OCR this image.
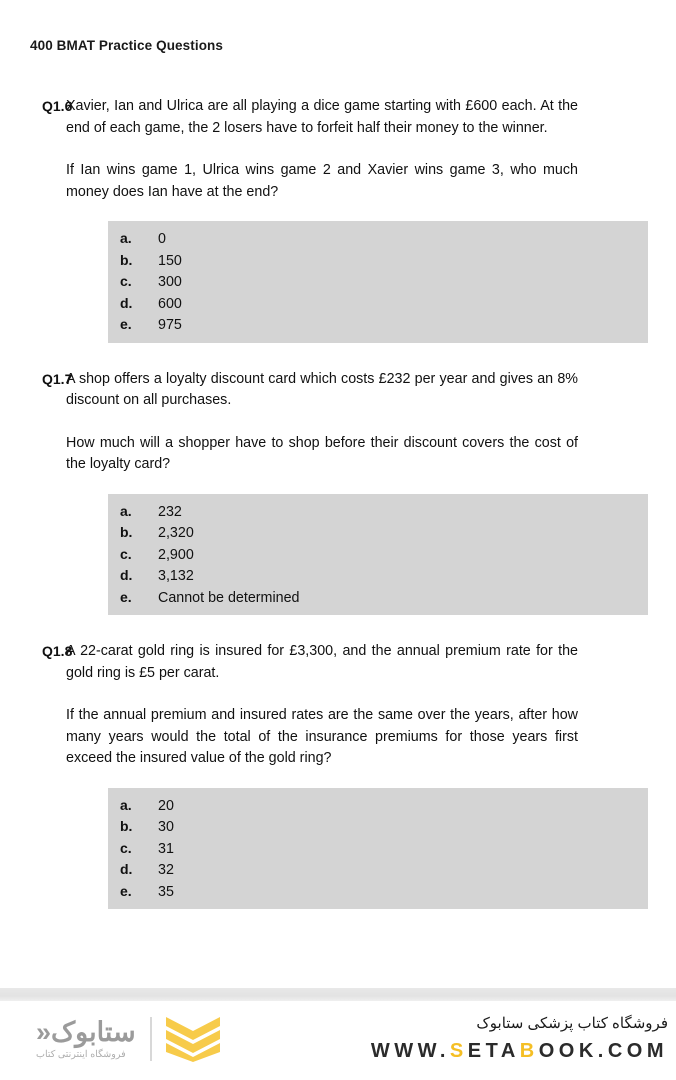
400 BMAT Practice Questions
Q1.6

Xavier, Ian and Ulrica are all playing a dice game starting with £600 each. At the end of each game, the 2 losers have to forfeit half their money to the winner.

If Ian wins game 1, Ulrica wins game 2 and Xavier wins game 3, who much money does Ian have at the end?

a.	0
b.	150
c.	300
d.	600
e.	975
Q1.7

A shop offers a loyalty discount card which costs £232 per year and gives an 8% discount on all purchases.

How much will a shopper have to shop before their discount covers the cost of the loyalty card?

a.	232
b.	2,320
c.	2,900
d.	3,132
e.	Cannot be determined
Q1.8

A 22-carat gold ring is insured for £3,300, and the annual premium rate for the gold ring is £5 per carat.

If the annual premium and insured rates are the same over the years, after how many years would the total of the insurance premiums for those years first exceed the insured value of the gold ring?

a.	20
b.	30
c.	31
d.	32
e.	35
ستابوک«
فروشگاه اینترنتی کتاب
فروشگاه کتاب پزشکی ستابوک
WWW.SETABOOK.COM
